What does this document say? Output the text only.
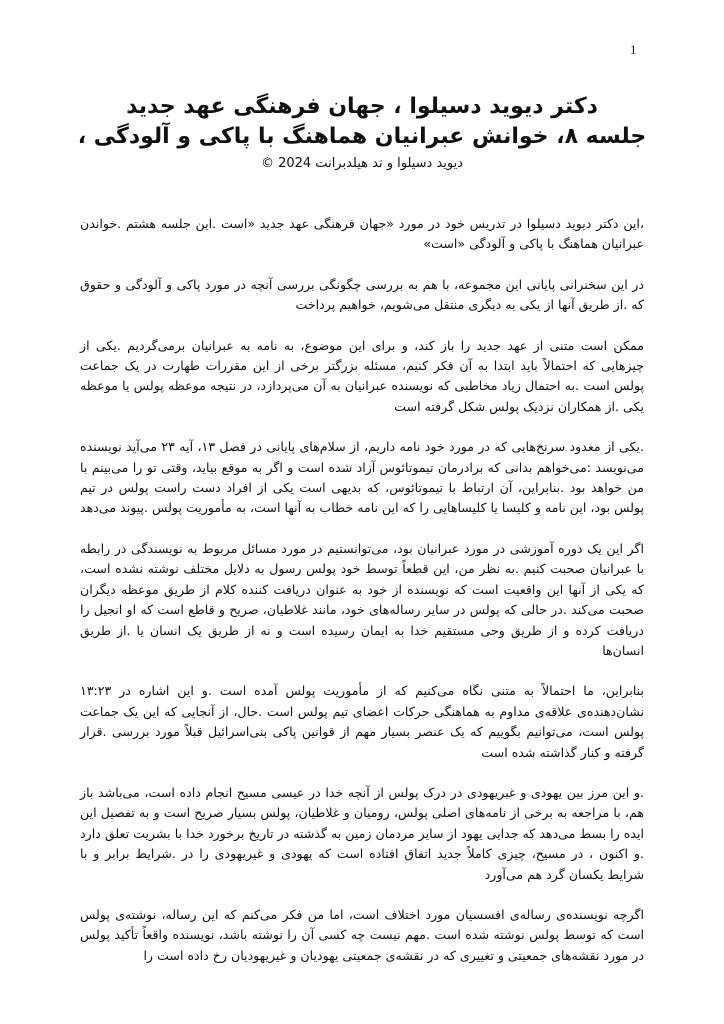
1
دکتر دیوید دسیلوا ، جهان فرهنگی عهد جدید
جلسه ۸، خوانش عبرانیان هماهنگ با پاکی و آلودگی ،
دیوید دسیلوا و تد هیلدبرانت 2024 ©

،این دکتر دیوید دسیلوا در تدریس خود در مورد «جهان فرهنگی عهد جدید «است .این جلسه هشتم .خواندن عبرانیان هماهنگ با پاکی و آلودگی «است»

در این سخنرانی پایانی این مجموعه، با هم به بررسی چگونگی بررسی آنچه در مورد پاکی و آلودگی و حقوق که .از طریق آنها از یکی به دیگری منتقل می‌شویم، خواهیم پرداخت

ممکن است متنی از عهد جدید را باز کند، و برای این موضوع، به نامه به عبرانیان برمی‌گردیم .یکی از چیزهایی که احتمالاً باید ابتدا به آن فکر کنیم، مسئله بزرگتر برخی از این مقررات طهارت در یک جماعت پولس است .به احتمال زیاد مخاطبی که نویسنده عبرانیان به آن می‌پردازد، در نتیجه موعظه پولس یا موعظه یکی .از همکاران نزدیک پولس شکل گرفته است

.یکی از معدود سرنخ‌هایی که در مورد خود نامه داریم، از سلام‌های پایانی در فصل ۱۳، آیه ۲۳ می‌آید نویسنده می‌نویسد :می‌خواهم بدانی که برادرمان تیموتائوس آزاد شده است و اگر به موقع بیاید، وقتی تو را می‌بینم با من خواهد بود .بنابراین، آن ارتباط با تیموتائوس، که بدیهی است یکی از افراد دست راست پولس در تیم پولس بود، این نامه و کلیسا یا کلیساهایی را که این نامه خطاب به آنها است، به مأموریت پولس .پیوند می‌دهد

اگر این یک دوره آموزشی در مورد عبرانیان بود، می‌توانستیم در مورد مسائل مربوط به نویسندگی در رابطه با عبرانیان صحبت کنیم .به نظر من، این قطعاً توسط خود پولس رسول به دلایل مختلف نوشته نشده است، که یکی از آنها این واقعیت است که نویسنده از خود به عنوان دریافت کننده کلام از طریق موعظه دیگران صحبت می‌کند .در حالی که پولس در سایر رساله‌های خود، مانند غلاطیان، صریح و قاطع است که او انجیل را دریافت کرده و از طریق وحی مستقیم خدا به ایمان رسیده است و نه از طریق یک انسان یا .از طریق انسان‌ها

بنابراین، ما احتمالاً به متنی نگاه می‌کنیم که از مأموریت پولس آمده است .و این اشاره در ۱۳:۲۳ نشان‌دهنده‌ی علاقه‌ی مداوم به هماهنگی حرکات اعضای تیم پولس است .حال، از آنجایی که این یک جماعت پولس است، می‌توانیم بگوییم که یک عنصر بسیار مهم از قوانین پاکی بنی‌اسرائیل قبلاً مورد بررسی .قرار گرفته و کنار گذاشته شده است

.و این مرز بین یهودی و غیریهودی در درک پولس از آنچه خدا در عیسی مسیح انجام داده است، می‌باشد باز هم، با مراجعه به برخی از نامه‌های اصلی پولس، رومیان و غلاطیان، پولس بسیار صریح است و به تفصیل این ایده را بسط می‌دهد که جدایی یهود از سایر مردمان زمین به گذشته در تاریخ برخورد خدا با بشریت تعلق دارد .و اکنون ، در مسیح، چیزی کاملاً جدید اتفاق افتاده است که یهودی و غیریهودی را در .شرایط برابر و با شرایط یکسان گرد هم می‌آورد

اگرچه نویسنده‌ی رساله‌ی افسسیان مورد اختلاف است، اما من فکر می‌کنم که این رساله، نوشته‌ی پولس است که توسط پولس نوشته شده است .مهم نیست چه کسی آن را نوشته باشد، نویسنده واقعاً تأکید پولس در مورد نقشه‌های جمعیتی و تغییری که در نقشه‌ی جمعیتی یهودیان و غیریهودیان رخ داده است را
